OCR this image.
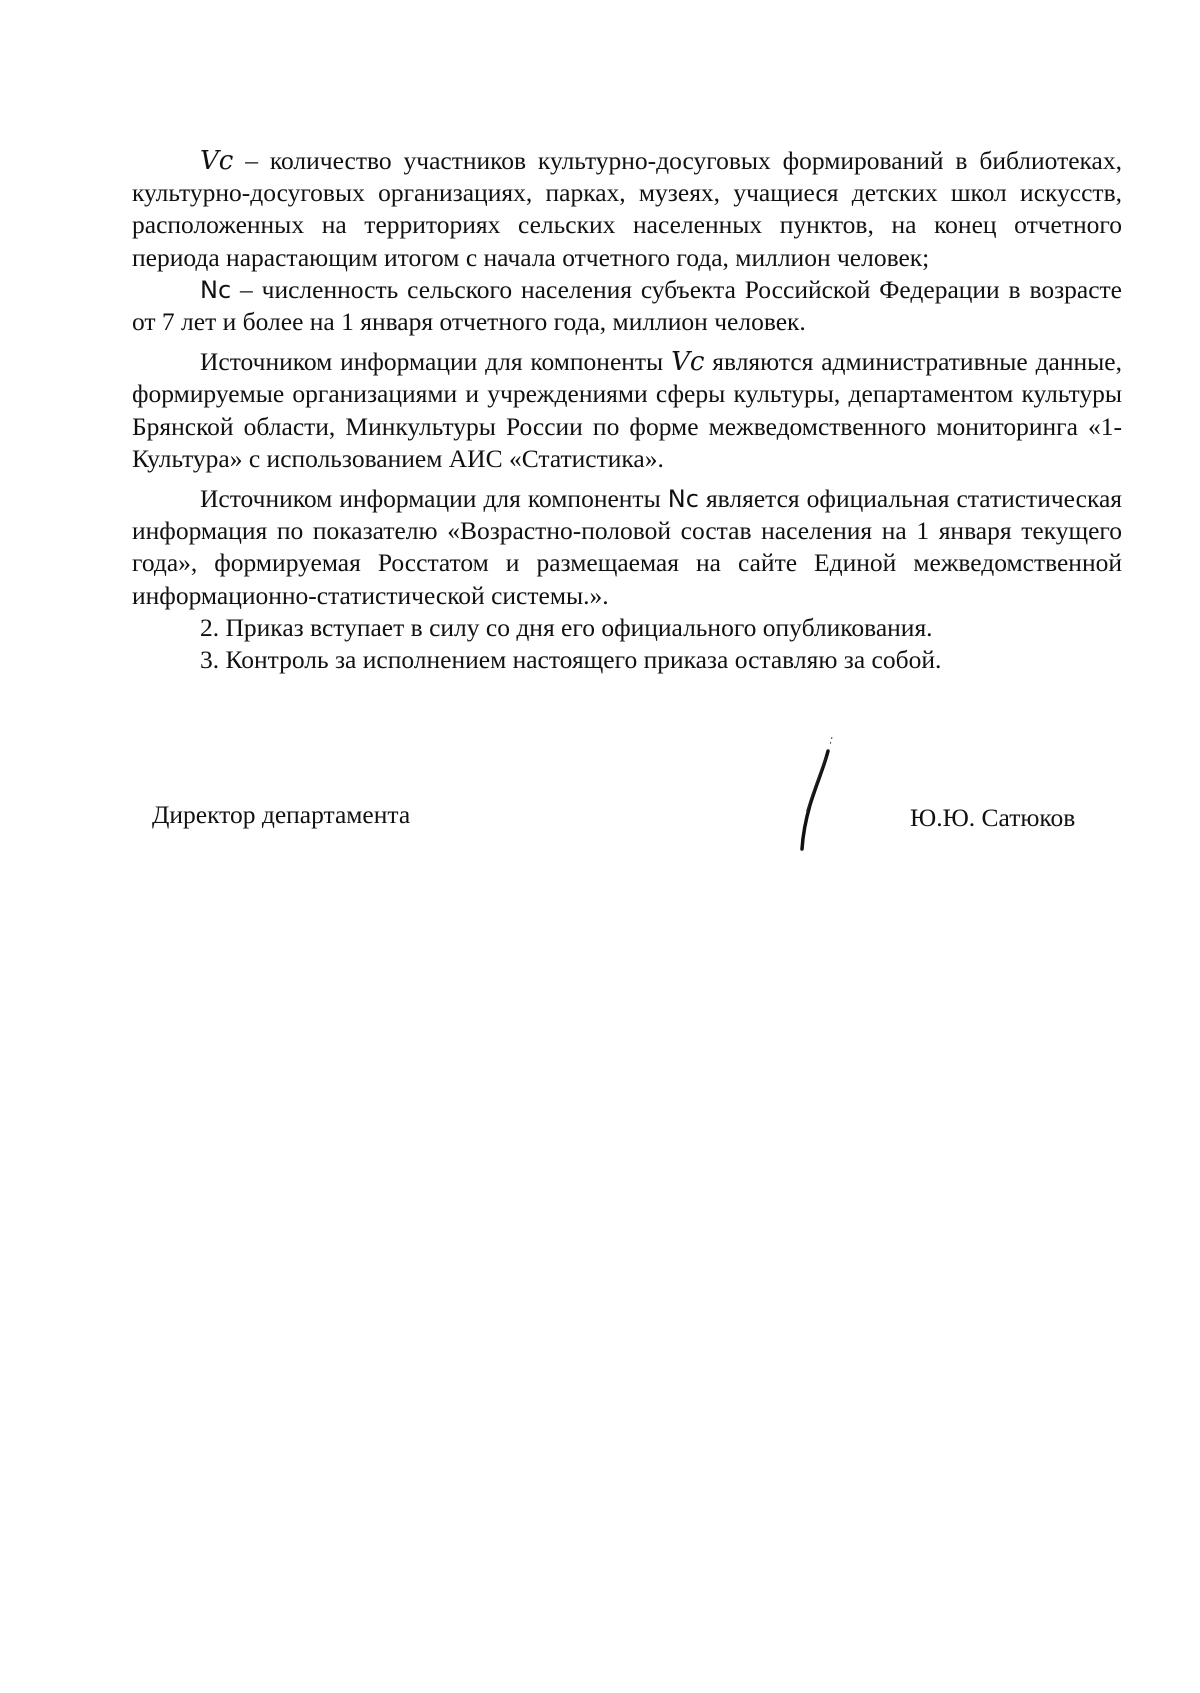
Vc – количество участников культурно-досуговых формирований в библиотеках, культурно-досуговых организациях, парках, музеях, учащиеся детских школ искусств, расположенных на территориях сельских населенных пунктов, на конец отчетного периода нарастающим итогом с начала отчетного года, миллион человек;

Nc – численность сельского населения субъекта Российской Федерации в возрасте от 7 лет и более на 1 января отчетного года, миллион человек.

Источником информации для компоненты Vc являются административные данные, формируемые организациями и учреждениями сферы культуры, департаментом культуры Брянской области, Минкультуры России по форме межведомственного мониторинга «1-Культура» с использованием АИС «Статистика».

Источником информации для компоненты Nc является официальная статистическая информация по показателю «Возрастно-половой состав населения на 1 января текущего года», формируемая Росстатом и размещаемая на сайте Единой межведомственной информационно-статистической системы.».

2. Приказ вступает в силу со дня его официального опубликования.

3. Контроль за исполнением настоящего приказа оставляю за собой.

Директор департамента	Ю.Ю. Сатюков
